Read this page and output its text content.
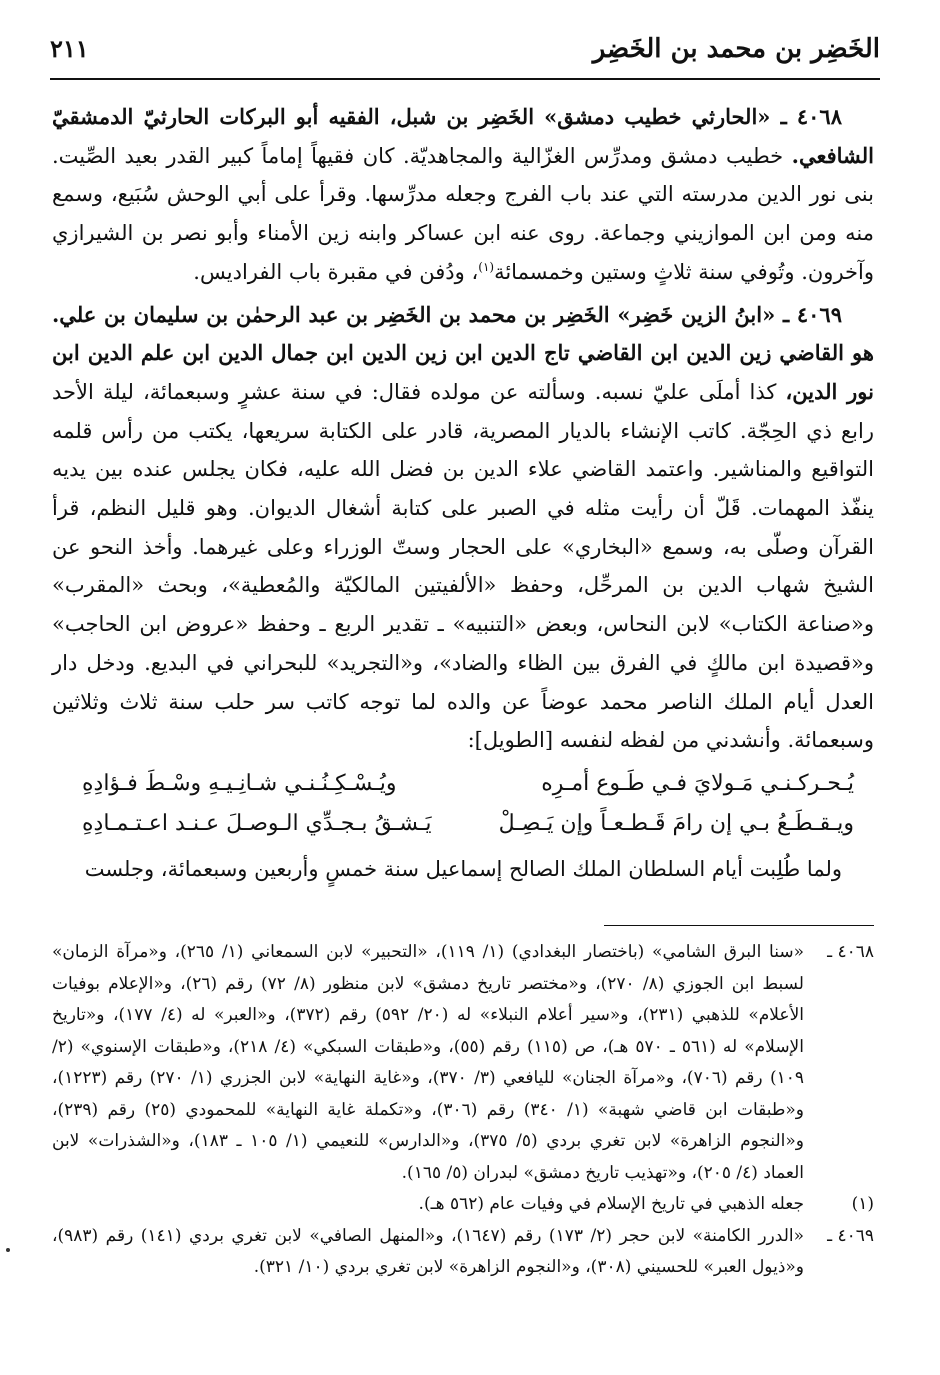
الخَضِر بن محمد بن الخَضِر
٢١١

٤٠٦٨ ـ «الحارثي خطيب دمشق» الخَضِر بن شبل، الفقيه أبو البركات الحارثيّ الدمشقيّ الشافعي. خطيب دمشق ومدرِّس الغزّالية والمجاهديّة. كان فقيهاً إماماً كبير القدر بعيد الصِّيت. بنى نور الدين مدرسته التي عند باب الفرج وجعله مدرِّسها. وقرأ على أبي الوحش سُبَيع، وسمع منه ومن ابن الموازيني وجماعة. روى عنه ابن عساكر وابنه زين الأمناء وأبو نصر بن الشيرازي وآخرون. وتُوفي سنة ثلاثٍ وستين وخمسمائة$^{(١)}$، ودُفن في مقبرة باب الفراديس.

٤٠٦٩ ـ «ابنُ الزين خَضِر» الخَضِر بن محمد بن الخَضِر بن عبد الرحمٰن بن سليمان بن علي. هو القاضي زين الدين ابن القاضي تاج الدين ابن زين الدين ابن جمال الدين ابن علم الدين ابن نور الدين، كذا أملَى عليّ نسبه. وسألته عن مولده فقال: في سنة عشرٍ وسبعمائة، ليلة الأحد رابع ذي الحِجّة. كاتب الإنشاء بالديار المصرية، قادر على الكتابة سريعها، يكتب من رأس قلمه التواقيع والمناشير. واعتمد القاضي علاء الدين بن فضل الله عليه، فكان يجلس عنده بين يديه ينفّذ المهمات. قَلّ أن رأيت مثله في الصبر على كتابة أشغال الديوان. وهو قليل النظم، قرأ القرآن وصلّى به، وسمع «البخاري» على الحجار وستّ الوزراء وعلى غيرهما. وأخذ النحو عن الشيخ شهاب الدين بن المرحِّل، وحفظ «الألفيتين المالكيّة والمُعطية»، وبحث «المقرب» و«صناعة الكتاب» لابن النحاس، وبعض «التنبيه» ـ تقدير الربع ـ وحفظ «عروض ابن الحاجب» و«قصيدة ابن مالكٍ في الفرق بين الظاء والضاد»، و«التجريد» للبحراني في البديع. ودخل دار العدل أيام الملك الناصر محمد عوضاً عن والده لما توجه كاتب سر حلب سنة ثلاث وثلاثين وسبعمائة. وأنشدني من لفظه لنفسه [الطويل]:

يُـحـركـنـي مَـولايَ فـي طَـوع أمـرِه
ويُـسْـكِـنُـنـي شـانِـيـهِ وسْـطَ فـؤادِهِ
ويـقـطَـعُ بـي إن رامَ قَـطـعـاً وإن يَـصِـلْ
يَـشـقُ بـجـدِّي الـوصـلَ عـنـد اعـتـمـادِهِ

ولما طُلِبت أيام السلطان الملك الصالح إسماعيل سنة خمسٍ وأربعين وسبعمائة، وجلست

٤٠٦٨ ـ
«سنا البرق الشامي» (باختصار البغدادي) (١/ ١١٩)، «التحبير» لابن السمعاني (١/ ٢٦٥)، و«مرآة الزمان» لسبط ابن الجوزي (٨/ ٢٧٠)، و«مختصر تاريخ دمشق» لابن منظور (٨/ ٧٢) رقم (٢٦)، و«الإعلام بوفيات الأعلام» للذهبي (٢٣١)، و«سير أعلام النبلاء» له (٢٠/ ٥٩٢) رقم (٣٧٢)، و«العبر» له (٤/ ١٧٧)، و«تاريخ الإسلام» له (٥٦١ ـ ٥٧٠ هـ)، ص (١١٥) رقم (٥٥)، و«طبقات السبكي» (٤/ ٢١٨)، و«طبقات الإسنوي» (٢/ ١٠٩) رقم (٧٠٦)، و«مرآة الجنان» لليافعي (٣/ ٣٧٠)، و«غاية النهاية» لابن الجزري (١/ ٢٧٠) رقم (١٢٢٣)، و«طبقات ابن قاضي شهبة» (١/ ٣٤٠) رقم (٣٠٦)، و«تكملة غاية النهاية» للمحمودي (٢٥) رقم (٢٣٩)، و«النجوم الزاهرة» لابن تغري بردي (٥/ ٣٧٥)، و«الدارس» للنعيمي (١/ ١٠٥ ـ ١٨٣)، و«الشذرات» لابن العماد (٤/ ٢٠٥)، و«تهذيب تاريخ دمشق» لبدران (٥/ ١٦٥).
(١)
جعله الذهبي في تاريخ الإسلام في وفيات عام (٥٦٢ هـ).
٤٠٦٩ ـ
«الدرر الكامنة» لابن حجر (٢/ ١٧٣) رقم (١٦٤٧)، و«المنهل الصافي» لابن تغري بردي (١٤١) رقم (٩٨٣)، و«ذيول العبر» للحسيني (٣٠٨)، و«النجوم الزاهرة» لابن تغري بردي (١٠/ ٣٢١).
